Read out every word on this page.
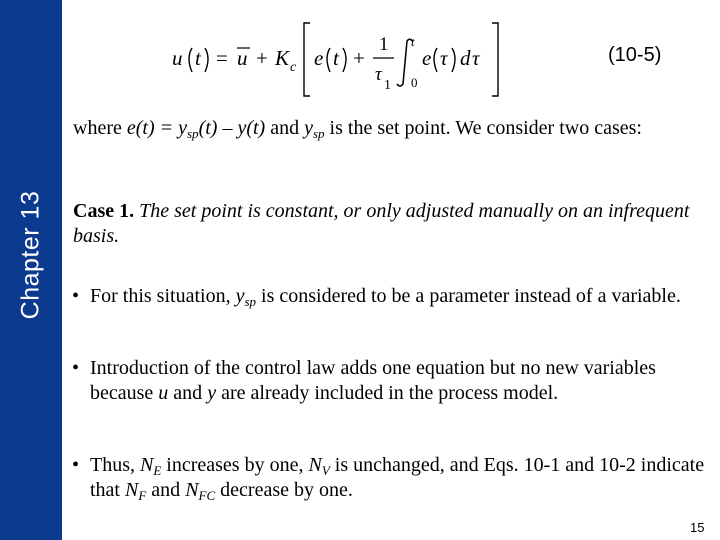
Chapter 13
u t = u + K c e t +
1
τ
1
t
0
e τ d τ	(10-5)
where $e(t) = y_{sp}(t) - y(t)$ and $y_{sp}$ is the set point. We consider two cases:
Case 1. The set point is constant, or only adjusted manually on an infrequent basis.
• For this situation, $y_{sp}$ is considered to be a parameter instead of a variable.
• Introduction of the control law adds one equation but no new variables because u and y are already included in the process model.
• Thus, $N_E$ increases by one, $N_V$ is unchanged, and Eqs. 10-1 and 10-2 indicate that $N_F$ and $N_{FC}$ decrease by one.
15
